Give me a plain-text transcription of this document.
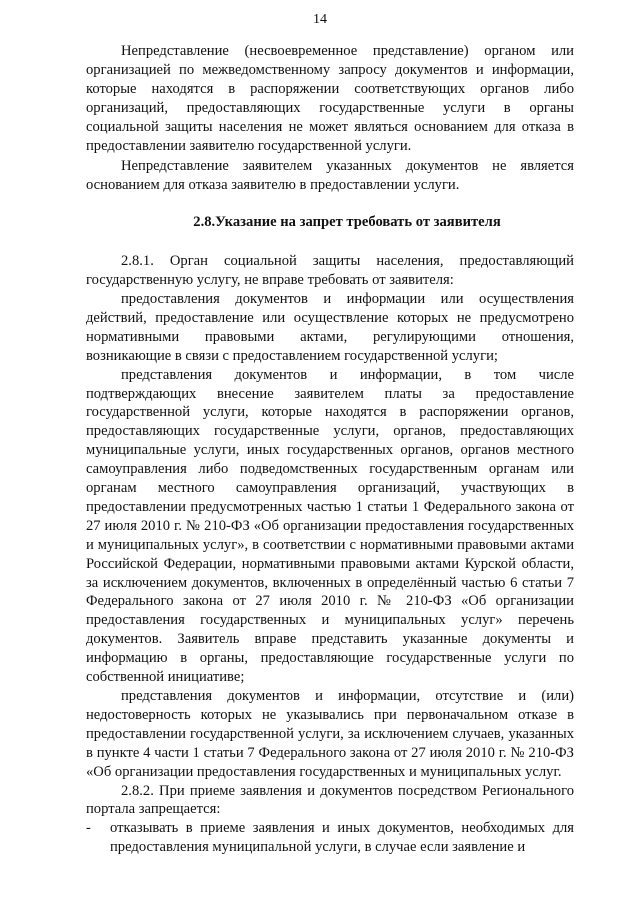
14

Непредставление (несвоевременное представление) органом или организацией по межведомственному запросу документов и информации, которые находятся в распоряжении соответствующих органов либо организаций, предоставляющих государственные услуги в органы социальной защиты населения не может являться основанием для отказа в предоставлении заявителю государственной услуги.

Непредставление заявителем указанных документов не является основанием для отказа заявителю в предоставлении услуги.

2.8.Указание на запрет требовать от заявителя

2.8.1. Орган социальной защиты населения, предоставляющий государственную услугу, не вправе требовать от заявителя:

предоставления документов и информации или осуществления действий, предоставление или осуществление которых не предусмотрено нормативными правовыми актами, регулирующими отношения, возникающие в связи с предоставлением государственной услуги;

представления документов и информации, в том числе подтверждающих внесение заявителем платы за предоставление государственной услуги, которые находятся в распоряжении органов, предоставляющих государственные услуги, органов, предоставляющих муниципальные услуги, иных государственных органов, органов местного самоуправления либо подведомственных государственным органам или органам местного самоуправления организаций, участвующих в предоставлении предусмотренных частью 1 статьи 1 Федерального закона от 27 июля 2010 г. № 210-ФЗ «Об организации предоставления государственных и муниципальных услуг», в соответствии с нормативными правовыми актами Российской Федерации, нормативными правовыми актами Курской области, за исключением документов, включенных в определённый частью 6 статьи 7 Федерального закона от 27 июля 2010 г. № 210-ФЗ «Об организации предоставления государственных и муниципальных услуг» перечень документов. Заявитель вправе представить указанные документы и информацию в органы, предоставляющие государственные услуги по собственной инициативе;

представления документов и информации, отсутствие и (или) недостоверность которых не указывались при первоначальном отказе в предоставлении государственной услуги, за исключением случаев, указанных в пункте 4 части 1 статьи 7 Федерального закона от 27 июля 2010 г. № 210-ФЗ «Об организации предоставления государственных и муниципальных услуг.

2.8.2. При приеме заявления и документов посредством Регионального портала запрещается:

- отказывать в приеме заявления и иных документов, необходимых для предоставления муниципальной услуги, в случае если заявление и
